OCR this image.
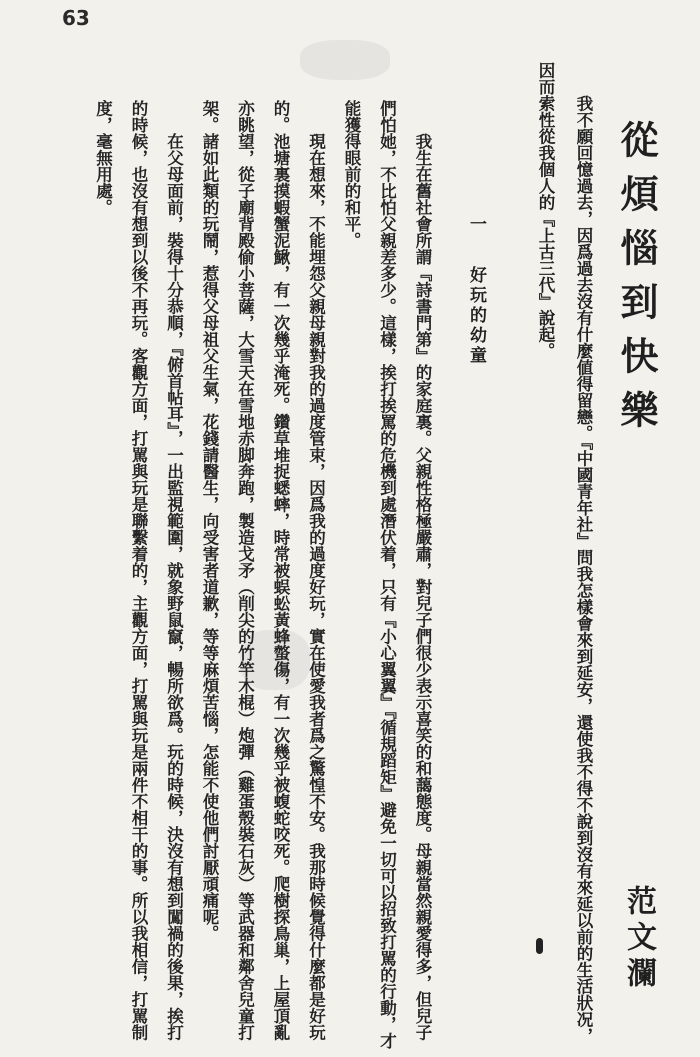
63
從煩惱到快樂
我不願回憶過去，因爲過去沒有什麼値得留戀。『中國青年社』問我怎樣會來到延安，還使我不得不說到沒有來延以前的生活狀况，因而索性從我個人的『上古三代』說起。
范文瀾
一好玩的幼童

我生在舊社會所謂『詩書門第』的家庭裏。父親性格極嚴肅，對兒子們很少表示喜笑的和藹態度。母親當然親愛得多，但兒子們怕她，不比怕父親差多少。這樣，挨打挨罵的危機到處潛伏着，只有『小心翼翼』『循規蹈矩』避免一切可以招致打駡的行動，才能獲得眼前的和平。

現在想來，不能埋怨父親母親對我的過度管束，因爲我的過度好玩，實在使愛我者爲之驚惶不安。我那時候覺得什麼都是好玩的。池塘裏摸蝦蟹泥鰍，有一次幾乎淹死。鑽草堆捉蟋蟀，時常被蜈蚣黃蜂螫傷，有一次幾乎被蝮蛇咬死。爬樹探鳥巢，上屋頂亂亦眺望，從子廟背殿偷小菩薩，大雪天在雪地赤脚奔跑，製造戈矛（削尖的竹竿木棍）炮彈（雞蛋殼裝石灰）等武器和鄰舍兒童打架。諸如此類的玩鬧，惹得父母祖父生氣，花錢請醫生，向受害者道歉，等等麻煩苦惱，怎能不使他們討厭頑痛呢。

在父母面前，裝得十分恭順，『俯首帖耳』，一出監視範圍，就象野鼠竄，暢所欲爲。玩的時候，決沒有想到闖禍的後果，挨打的時候，也沒有想到以後不再玩。客觀方面，打駡與玩是聯繫着的，主觀方面，打駡與玩是兩件不相干的事。所以我相信，打駡制度，毫無用處。
